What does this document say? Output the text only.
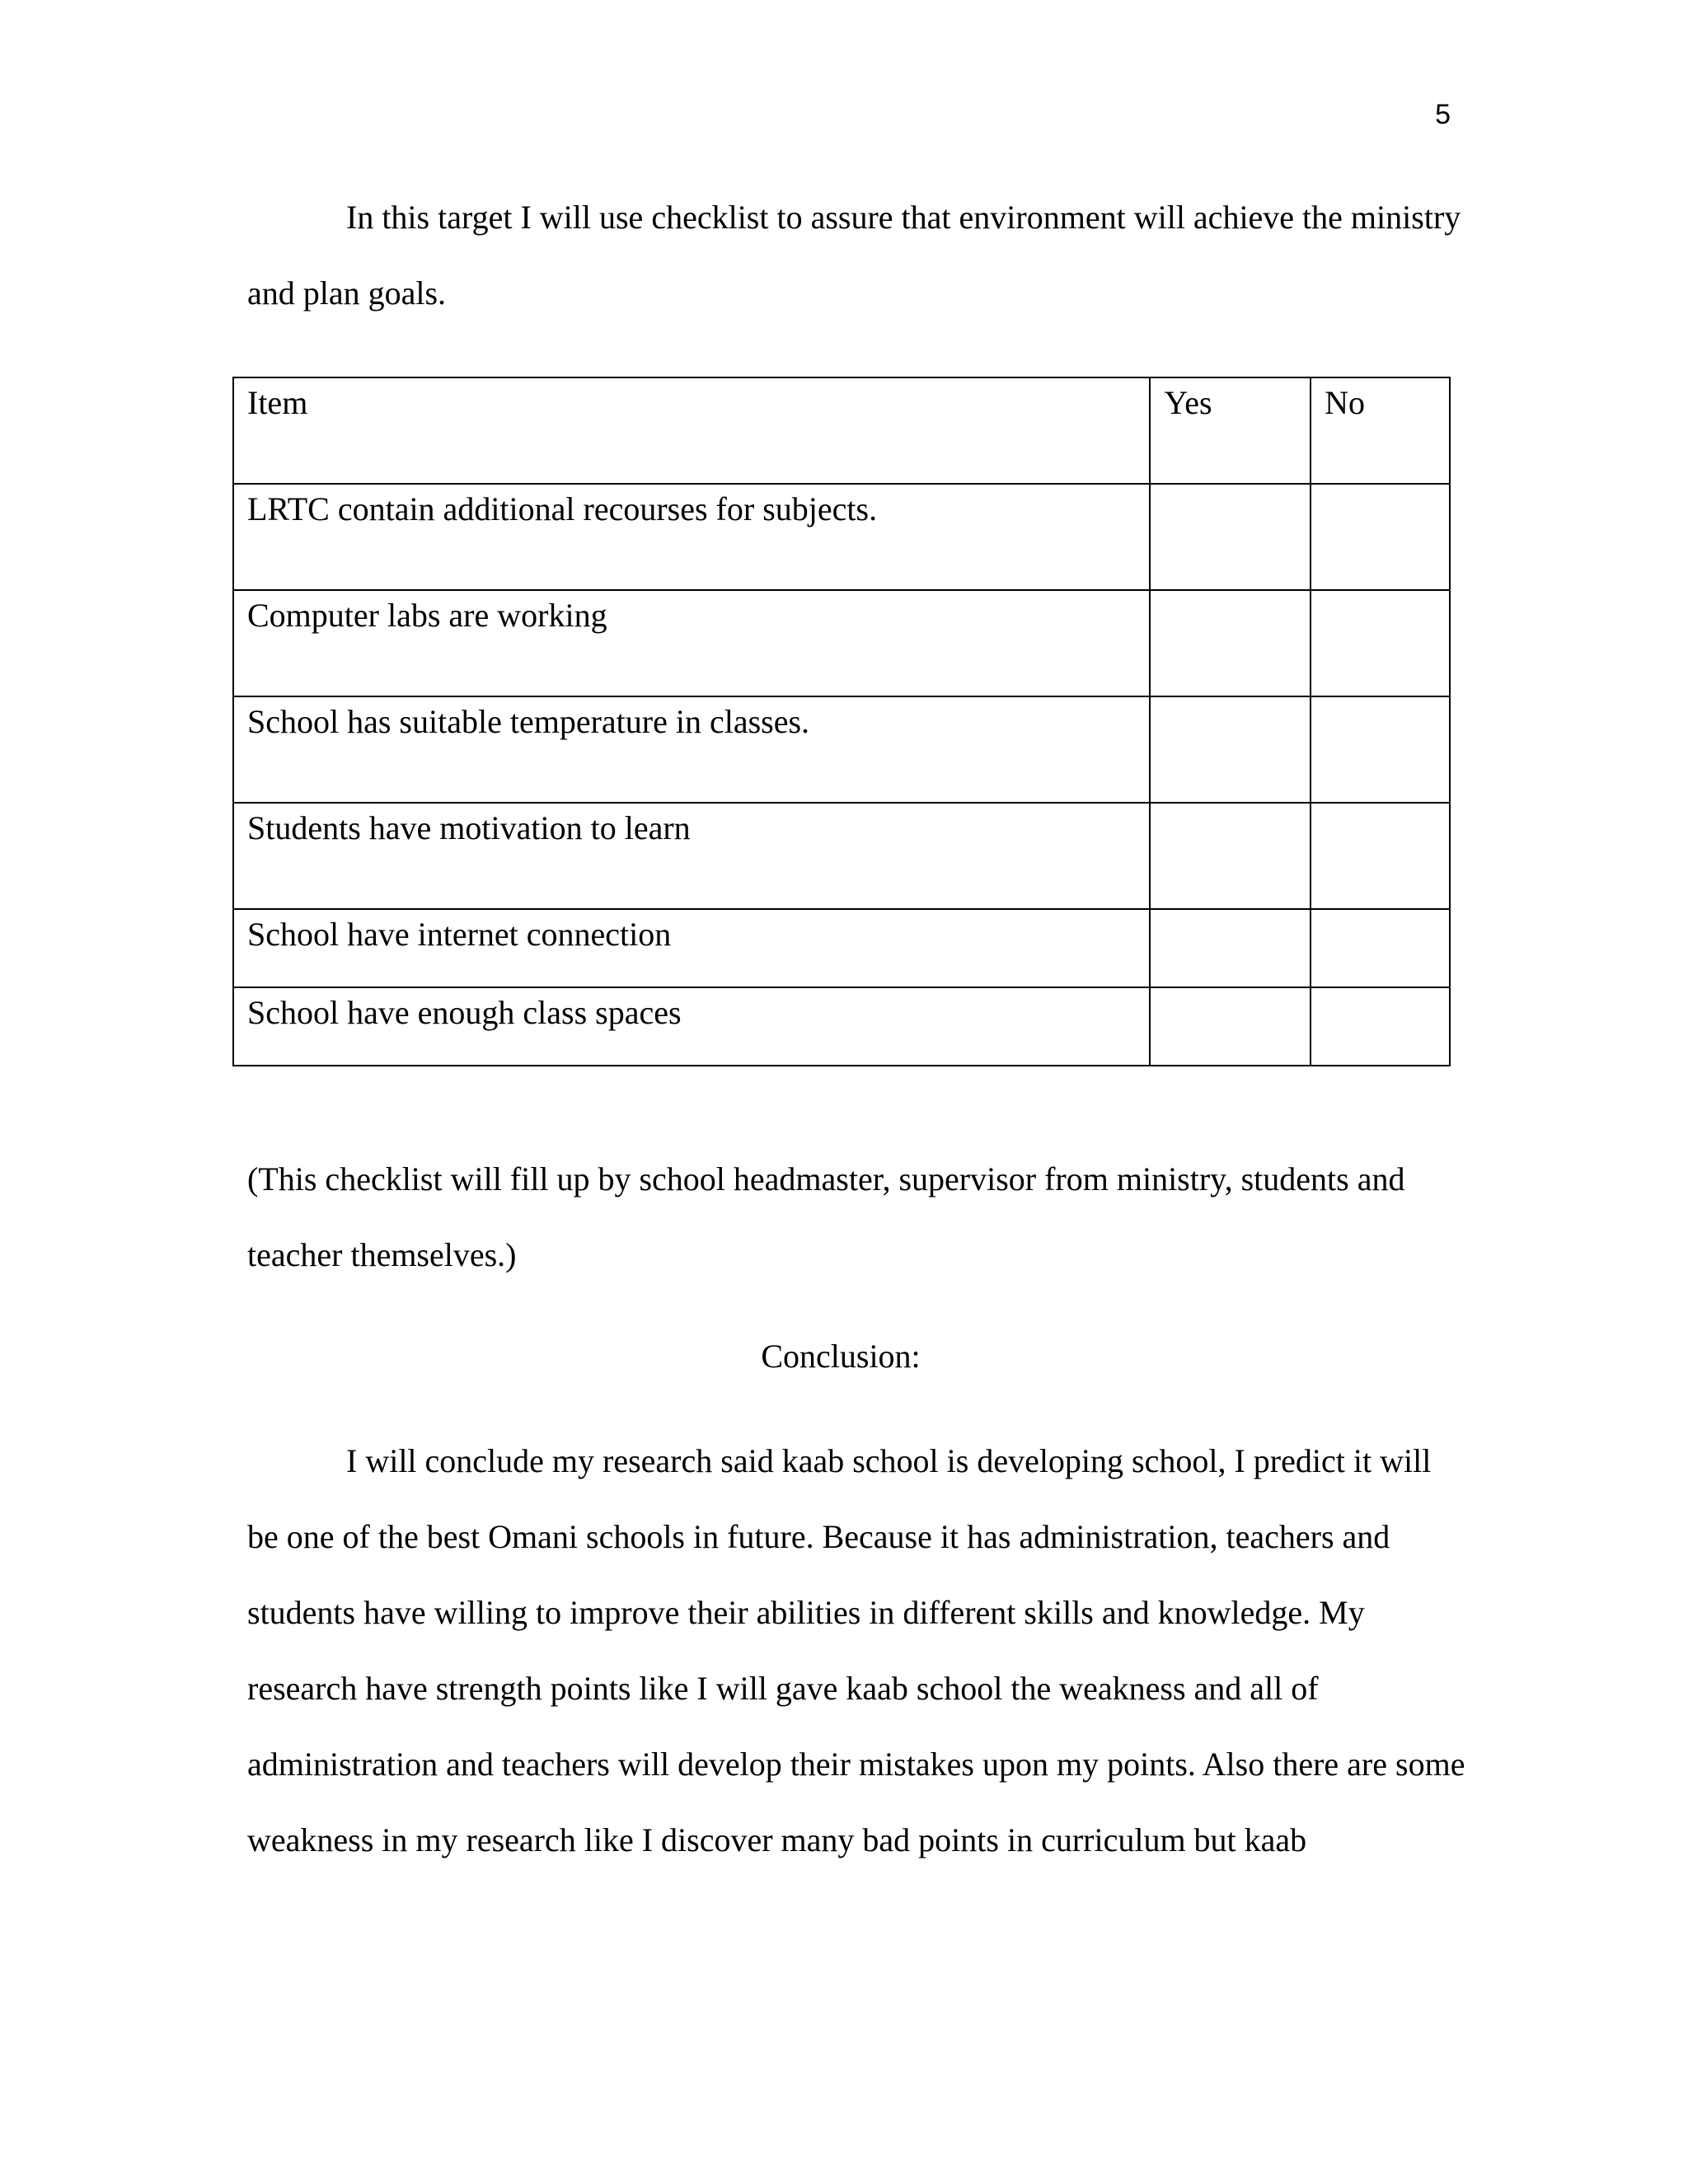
5

In this target I will use checklist to assure that environment will achieve the ministry and plan goals.

Item	Yes	No
LRTC contain additional recourses for subjects.		
Computer labs are working		
School has suitable temperature in classes.		
Students have motivation to learn		
School have internet connection		
School have enough class spaces		

(This checklist will fill up by school headmaster, supervisor from ministry, students and teacher themselves.)

Conclusion:

I will conclude my research said kaab school is developing school, I predict it will be one of the best Omani schools in future. Because it has administration, teachers and students have willing to improve their abilities in different skills and knowledge. My research have strength points like I will gave kaab school the weakness and all of administration and teachers will develop their mistakes upon my points. Also there are some weakness in my research like I discover many bad points in curriculum but kaab
